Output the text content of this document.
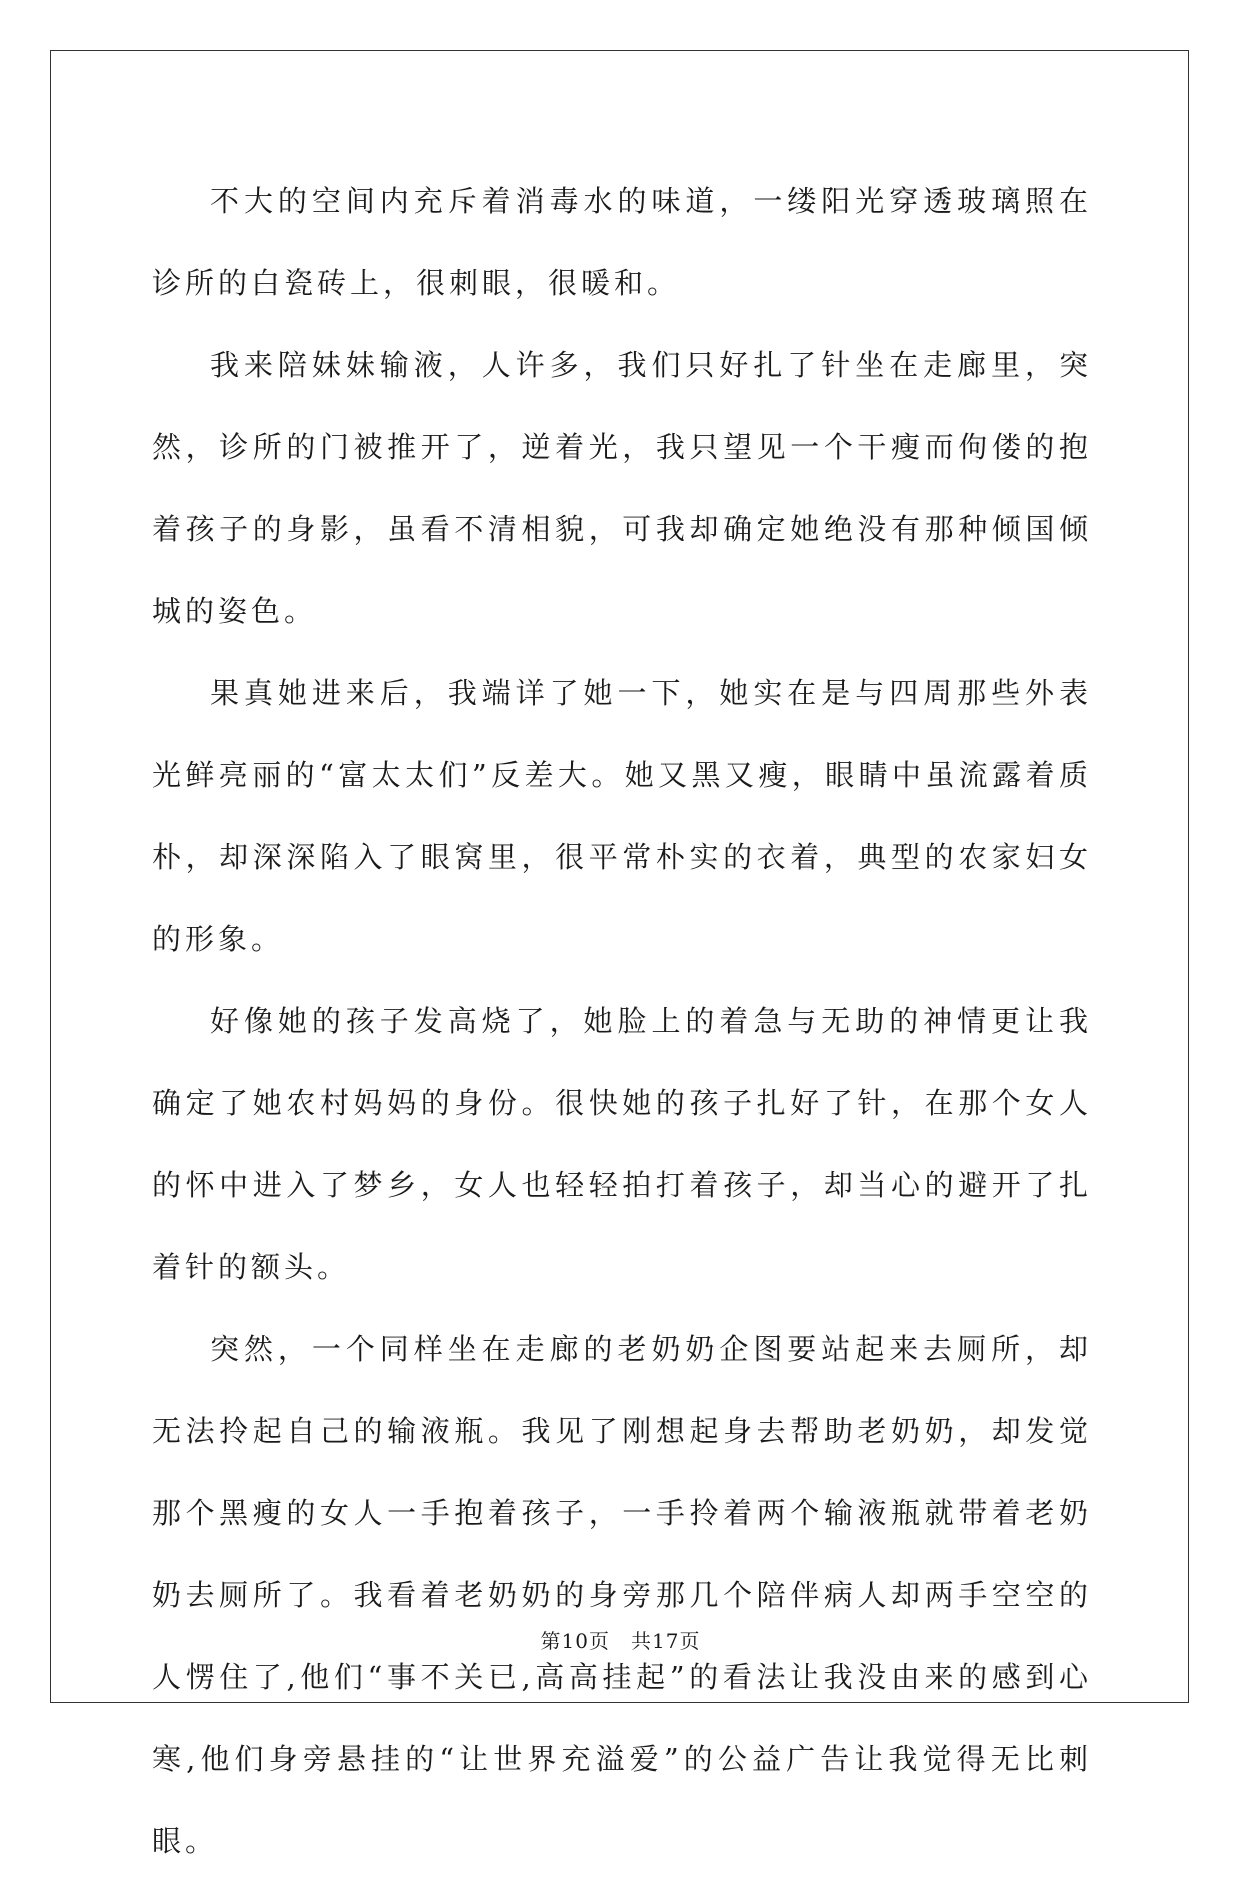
不大的空间内充斥着消毒水的味道，一缕阳光穿透玻璃照在诊所的白瓷砖上，很刺眼，很暖和。

我来陪妹妹输液，人许多，我们只好扎了针坐在走廊里，突然，诊所的门被推开了，逆着光，我只望见一个干瘦而佝偻的抱着孩子的身影，虽看不清相貌，可我却确定她绝没有那种倾国倾城的姿色。

果真她进来后，我端详了她一下，她实在是与四周那些外表光鲜亮丽的“富太太们”反差大。她又黑又瘦，眼睛中虽流露着质朴，却深深陷入了眼窝里，很平常朴实的衣着，典型的农家妇女的形象。

好像她的孩子发高烧了，她脸上的着急与无助的神情更让我确定了她农村妈妈的身份。很快她的孩子扎好了针，在那个女人的怀中进入了梦乡，女人也轻轻拍打着孩子，却当心的避开了扎着针的额头。

突然，一个同样坐在走廊的老奶奶企图要站起来去厕所，却无法拎起自己的输液瓶。我见了刚想起身去帮助老奶奶，却发觉那个黑瘦的女人一手抱着孩子，一手拎着两个输液瓶就带着老奶奶去厕所了。我看着老奶奶的身旁那几个陪伴病人却两手空空的人愣住了,他们“事不关已,高高挂起”的看法让我没由来的感到心寒,他们身旁悬挂的“让世界充溢爱”的公益广告让我觉得无比刺眼。

第10页　共17页
